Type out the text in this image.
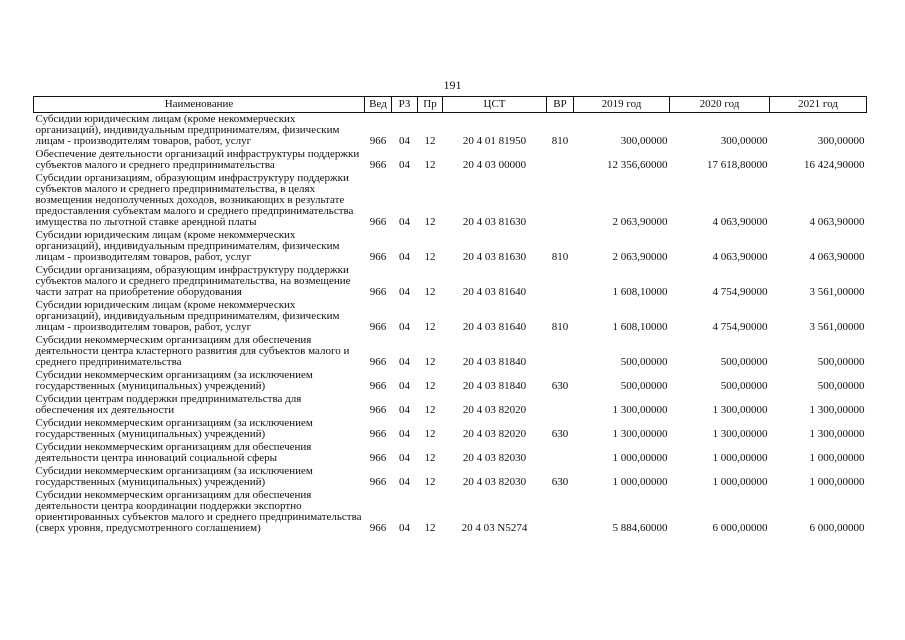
191
Наименование	Вед	РЗ	Пр	ЦСТ	ВР	2019 год	2020 год	2021 год
Субсидии юридическим лицам (кроме некоммерческих организаций), индивидуальным предпринимателям, физическим лицам - производителям товаров, работ, услуг	966	04	12	20 4 01 81950	810	300,00000	300,00000	300,00000
Обеспечение деятельности организаций инфраструктуры поддержки субъектов малого и среднего предпринимательства	966	04	12	20 4 03 00000		12 356,60000	17 618,80000	16 424,90000
Субсидии организациям, образующим инфраструктуру поддержки субъектов малого и среднего предпринимательства, в целях возмещения недополученных доходов, возникающих в результате предоставления субъектам малого и среднего предпринимательства имущества по льготной ставке арендной платы	966	04	12	20 4 03 81630		2 063,90000	4 063,90000	4 063,90000
Субсидии юридическим лицам (кроме некоммерческих организаций), индивидуальным предпринимателям, физическим лицам - производителям товаров, работ, услуг	966	04	12	20 4 03 81630	810	2 063,90000	4 063,90000	4 063,90000
Субсидии организациям, образующим инфраструктуру поддержки субъектов малого и среднего предпринимательства, на возмещение части затрат на приобретение оборудования	966	04	12	20 4 03 81640		1 608,10000	4 754,90000	3 561,00000
Субсидии юридическим лицам (кроме некоммерческих организаций), индивидуальным предпринимателям, физическим лицам - производителям товаров, работ, услуг	966	04	12	20 4 03 81640	810	1 608,10000	4 754,90000	3 561,00000
Субсидии некоммерческим организациям для обеспечения деятельности центра кластерного развития для субъектов малого и среднего предпринимательства	966	04	12	20 4 03 81840		500,00000	500,00000	500,00000
Субсидии некоммерческим организациям (за исключением государственных (муниципальных) учреждений)	966	04	12	20 4 03 81840	630	500,00000	500,00000	500,00000
Субсидии центрам поддержки предпринимательства для обеспечения их деятельности	966	04	12	20 4 03 82020		1 300,00000	1 300,00000	1 300,00000
Субсидии некоммерческим организациям (за исключением государственных (муниципальных) учреждений)	966	04	12	20 4 03 82020	630	1 300,00000	1 300,00000	1 300,00000
Субсидии некоммерческим организациям для обеспечения деятельности центра инноваций социальной сферы	966	04	12	20 4 03 82030		1 000,00000	1 000,00000	1 000,00000
Субсидии некоммерческим организациям (за исключением государственных (муниципальных) учреждений)	966	04	12	20 4 03 82030	630	1 000,00000	1 000,00000	1 000,00000
Субсидии некоммерческим организациям для обеспечения деятельности центра координации поддержки экспортно ориентированных субъектов малого и среднего предпринимательства (сверх уровня, предусмотренного соглашением)	966	04	12	20 4 03 N5274		5 884,60000	6 000,00000	6 000,00000
